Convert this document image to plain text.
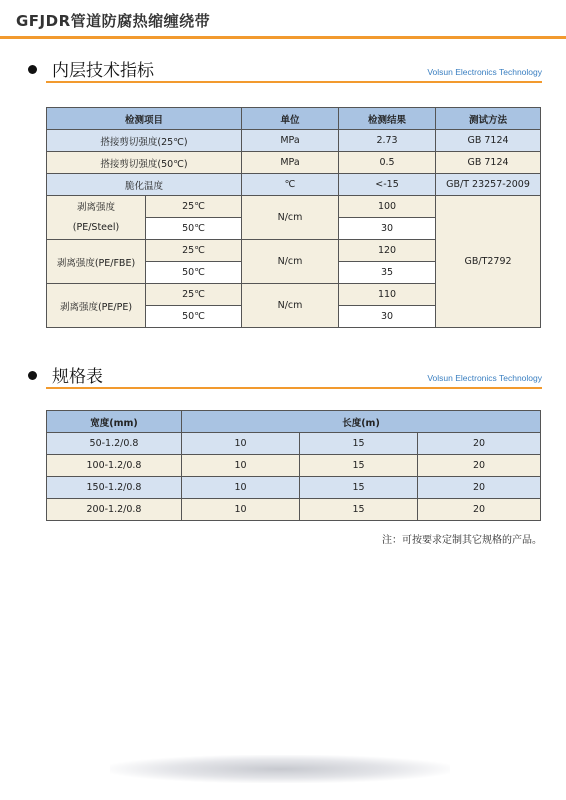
GFJDR管道防腐热缩缠绕带
内层技术指标	Volsun Electronics Technology
检测项目		单位	检测结果	测试方法
搭接剪切强度(25℃)		MPa	2.73	GB 7124
搭接剪切强度(50℃)		MPa	0.5	GB 7124
脆化温度		℃	<-15	GB/T 23257-2009
剥离强度
(PE/Steel)	25℃	N/cm	100	GB/T2792
	50℃		30	
剥离强度(PE/FBE)	25℃	N/cm	120	
	50℃		35	
剥离强度(PE/PE)	25℃	N/cm	110	
	50℃		30	
规格表	Volsun Electronics Technology
宽度(mm)	长度(m)		
50-1.2/0.8	10	15	20
100-1.2/0.8	10	15	20
150-1.2/0.8	10	15	20
200-1.2/0.8	10	15	20
注：可按要求定制其它规格的产品。
